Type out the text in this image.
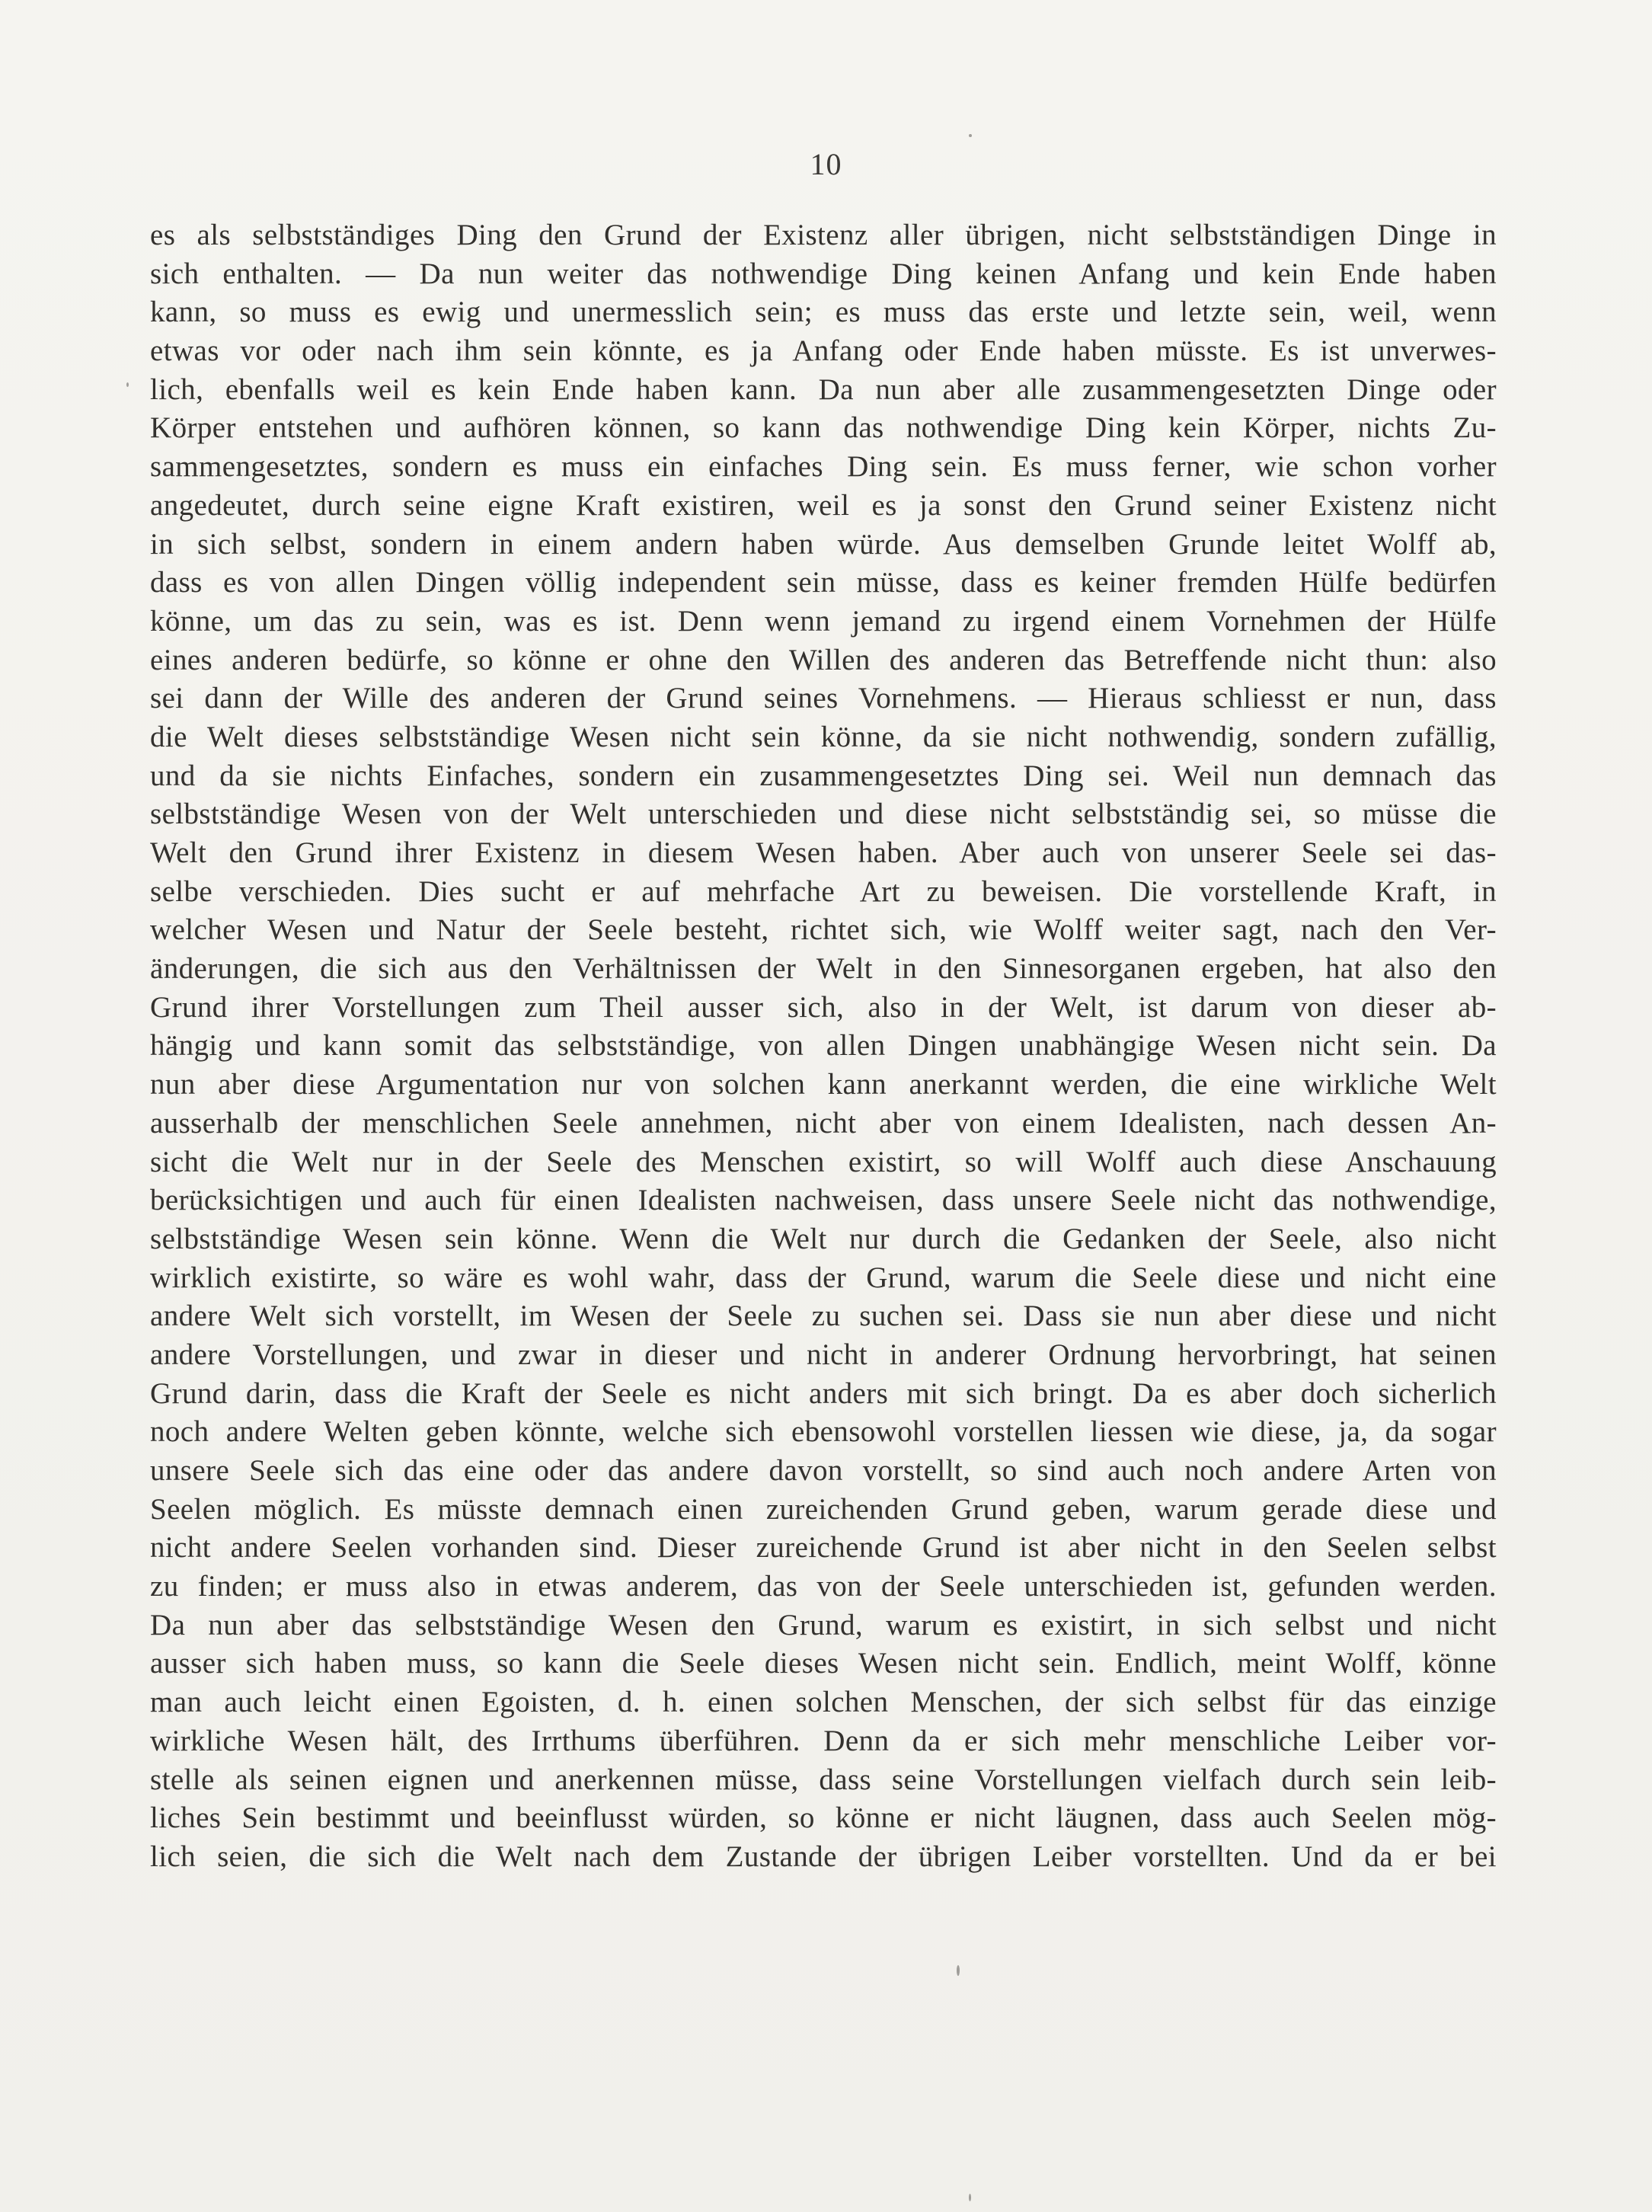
10
es als selbstständiges Ding den Grund der Existenz aller übrigen, nicht selbstständigen Dinge in
sich enthalten. — Da nun weiter das nothwendige Ding keinen Anfang und kein Ende haben
kann, so muss es ewig und unermesslich sein; es muss das erste und letzte sein, weil, wenn
etwas vor oder nach ihm sein könnte, es ja Anfang oder Ende haben müsste. Es ist unverwes-
lich, ebenfalls weil es kein Ende haben kann. Da nun aber alle zusammengesetzten Dinge oder
Körper entstehen und aufhören können, so kann das nothwendige Ding kein Körper, nichts Zu-
sammengesetztes, sondern es muss ein einfaches Ding sein. Es muss ferner, wie schon vorher
angedeutet, durch seine eigne Kraft existiren, weil es ja sonst den Grund seiner Existenz nicht
in sich selbst, sondern in einem andern haben würde. Aus demselben Grunde leitet Wolff ab,
dass es von allen Dingen völlig independent sein müsse, dass es keiner fremden Hülfe bedürfen
könne, um das zu sein, was es ist. Denn wenn jemand zu irgend einem Vornehmen der Hülfe
eines anderen bedürfe, so könne er ohne den Willen des anderen das Betreffende nicht thun: also
sei dann der Wille des anderen der Grund seines Vornehmens. — Hieraus schliesst er nun, dass
die Welt dieses selbstständige Wesen nicht sein könne, da sie nicht nothwendig, sondern zufällig,
und da sie nichts Einfaches, sondern ein zusammengesetztes Ding sei. Weil nun demnach das
selbstständige Wesen von der Welt unterschieden und diese nicht selbstständig sei, so müsse die
Welt den Grund ihrer Existenz in diesem Wesen haben. Aber auch von unserer Seele sei das-
selbe verschieden. Dies sucht er auf mehrfache Art zu beweisen. Die vorstellende Kraft, in
welcher Wesen und Natur der Seele besteht, richtet sich, wie Wolff weiter sagt, nach den Ver-
änderungen, die sich aus den Verhältnissen der Welt in den Sinnesorganen ergeben, hat also den
Grund ihrer Vorstellungen zum Theil ausser sich, also in der Welt, ist darum von dieser ab-
hängig und kann somit das selbstständige, von allen Dingen unabhängige Wesen nicht sein. Da
nun aber diese Argumentation nur von solchen kann anerkannt werden, die eine wirkliche Welt
ausserhalb der menschlichen Seele annehmen, nicht aber von einem Idealisten, nach dessen An-
sicht die Welt nur in der Seele des Menschen existirt, so will Wolff auch diese Anschauung
berücksichtigen und auch für einen Idealisten nachweisen, dass unsere Seele nicht das nothwendige,
selbstständige Wesen sein könne. Wenn die Welt nur durch die Gedanken der Seele, also nicht
wirklich existirte, so wäre es wohl wahr, dass der Grund, warum die Seele diese und nicht eine
andere Welt sich vorstellt, im Wesen der Seele zu suchen sei. Dass sie nun aber diese und nicht
andere Vorstellungen, und zwar in dieser und nicht in anderer Ordnung hervorbringt, hat seinen
Grund darin, dass die Kraft der Seele es nicht anders mit sich bringt. Da es aber doch sicherlich
noch andere Welten geben könnte, welche sich ebensowohl vorstellen liessen wie diese, ja, da sogar
unsere Seele sich das eine oder das andere davon vorstellt, so sind auch noch andere Arten von
Seelen möglich. Es müsste demnach einen zureichenden Grund geben, warum gerade diese und
nicht andere Seelen vorhanden sind. Dieser zureichende Grund ist aber nicht in den Seelen selbst
zu finden; er muss also in etwas anderem, das von der Seele unterschieden ist, gefunden werden.
Da nun aber das selbstständige Wesen den Grund, warum es existirt, in sich selbst und nicht
ausser sich haben muss, so kann die Seele dieses Wesen nicht sein. Endlich, meint Wolff, könne
man auch leicht einen Egoisten, d. h. einen solchen Menschen, der sich selbst für das einzige
wirkliche Wesen hält, des Irrthums überführen. Denn da er sich mehr menschliche Leiber vor-
stelle als seinen eignen und anerkennen müsse, dass seine Vorstellungen vielfach durch sein leib-
liches Sein bestimmt und beeinflusst würden, so könne er nicht läugnen, dass auch Seelen mög-
lich seien, die sich die Welt nach dem Zustande der übrigen Leiber vorstellten. Und da er bei
